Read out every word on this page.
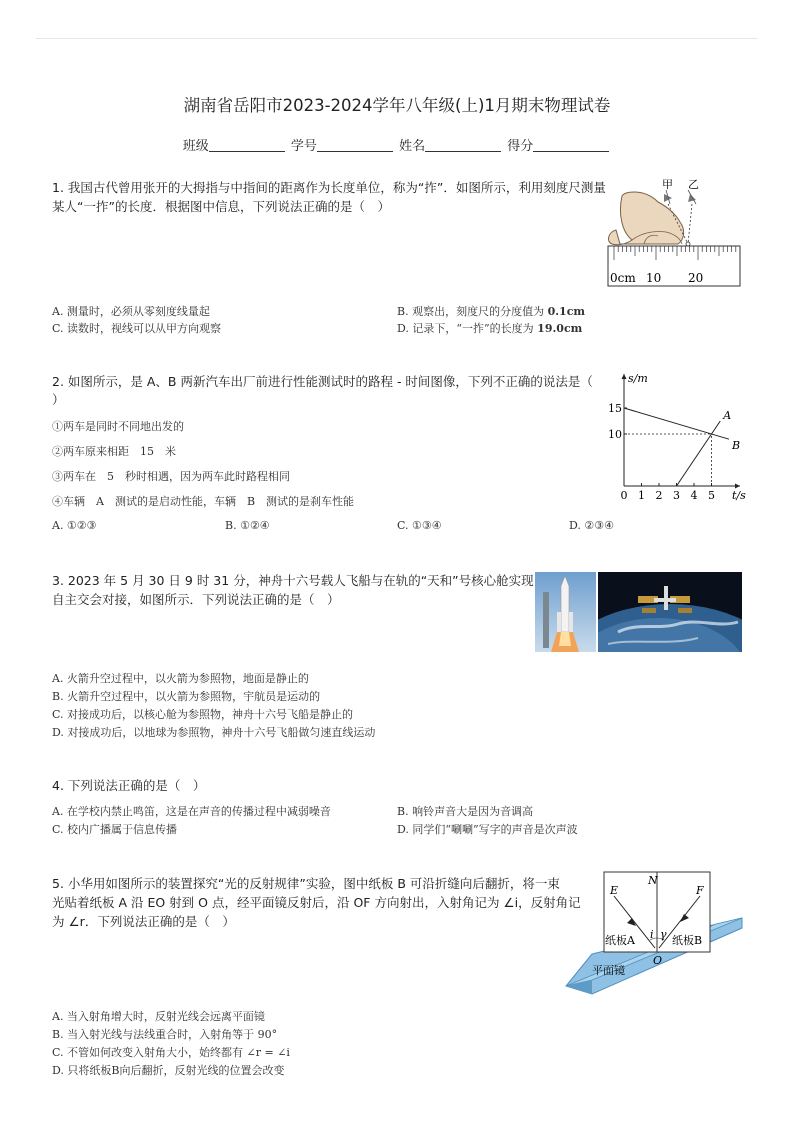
湖南省岳阳市2023-2024学年八年级(上)1月期末物理试卷
班级	学号	姓名	得分
1. 我国古代曾用张开的大拇指与中指间的距离作为长度单位，称为“拃”．如图所示，利用刻度尺测量
某人“一拃”的长度．根据图中信息，下列说法正确的是（　）
甲 乙
0cm 10 20
A. 测量时，必须从零刻度线量起	B. 观察出，刻度尺的分度值为 0.1cm
C. 读数时，视线可以从甲方向观察	D. 记录下，“一拃”的长度为 19.0cm
2. 如图所示，是 A、B 两新汽车出厂前进行性能测试时的路程 - 时间图像，下列不正确的说法是（
）
①两车是同时不同地出发的
②两车原来相距　15　米
③两车在　5　秒时相遇，因为两车此时路程相同
④车辆　A　测试的是启动性能，车辆　B　测试的是刹车性能
s/m
t/s
0 1 2 3 4 5
10
15
A
B
A. ①②③	B. ①②④	C. ①③④	D. ②③④
3. 2023 年 5 月 30 日 9 时 31 分，神舟十六号载人飞船与在轨的“天和”号核心舱实现
自主交会对接，如图所示．下列说法正确的是（　）
A. 火箭升空过程中，以火箭为参照物，地面是静止的
B. 火箭升空过程中，以火箭为参照物，宇航员是运动的
C. 对接成功后，以核心舱为参照物，神舟十六号飞船是静止的
D. 对接成功后，以地球为参照物，神舟十六号飞船做匀速直线运动
4. 下列说法正确的是（　）
A. 在学校内禁止鸣笛，这是在声音的传播过程中减弱噪音	B. 响铃声音大是因为音调高
C. 校内广播属于信息传播	D. 同学们“唰唰”写字的声音是次声波
5. 小华用如图所示的装置探究“光的反射规律”实验，图中纸板 B 可沿折缝向后翻折，将一束
光贴着纸板 A 沿 EO 射到 O 点，经平面镜反射后，沿 OF 方向射出，入射角记为 ∠i，反射角记
为 ∠r．下列说法正确的是（　）
E
N
F
O
i γ
纸板A	纸板B
平面镜
A. 当入射角增大时，反射光线会远离平面镜
B. 当入射光线与法线重合时，入射角等于 90°
C. 不管如何改变入射角大小，始终都有 ∠r = ∠i
D. 只将纸板B向后翻折，反射光线的位置会改变
